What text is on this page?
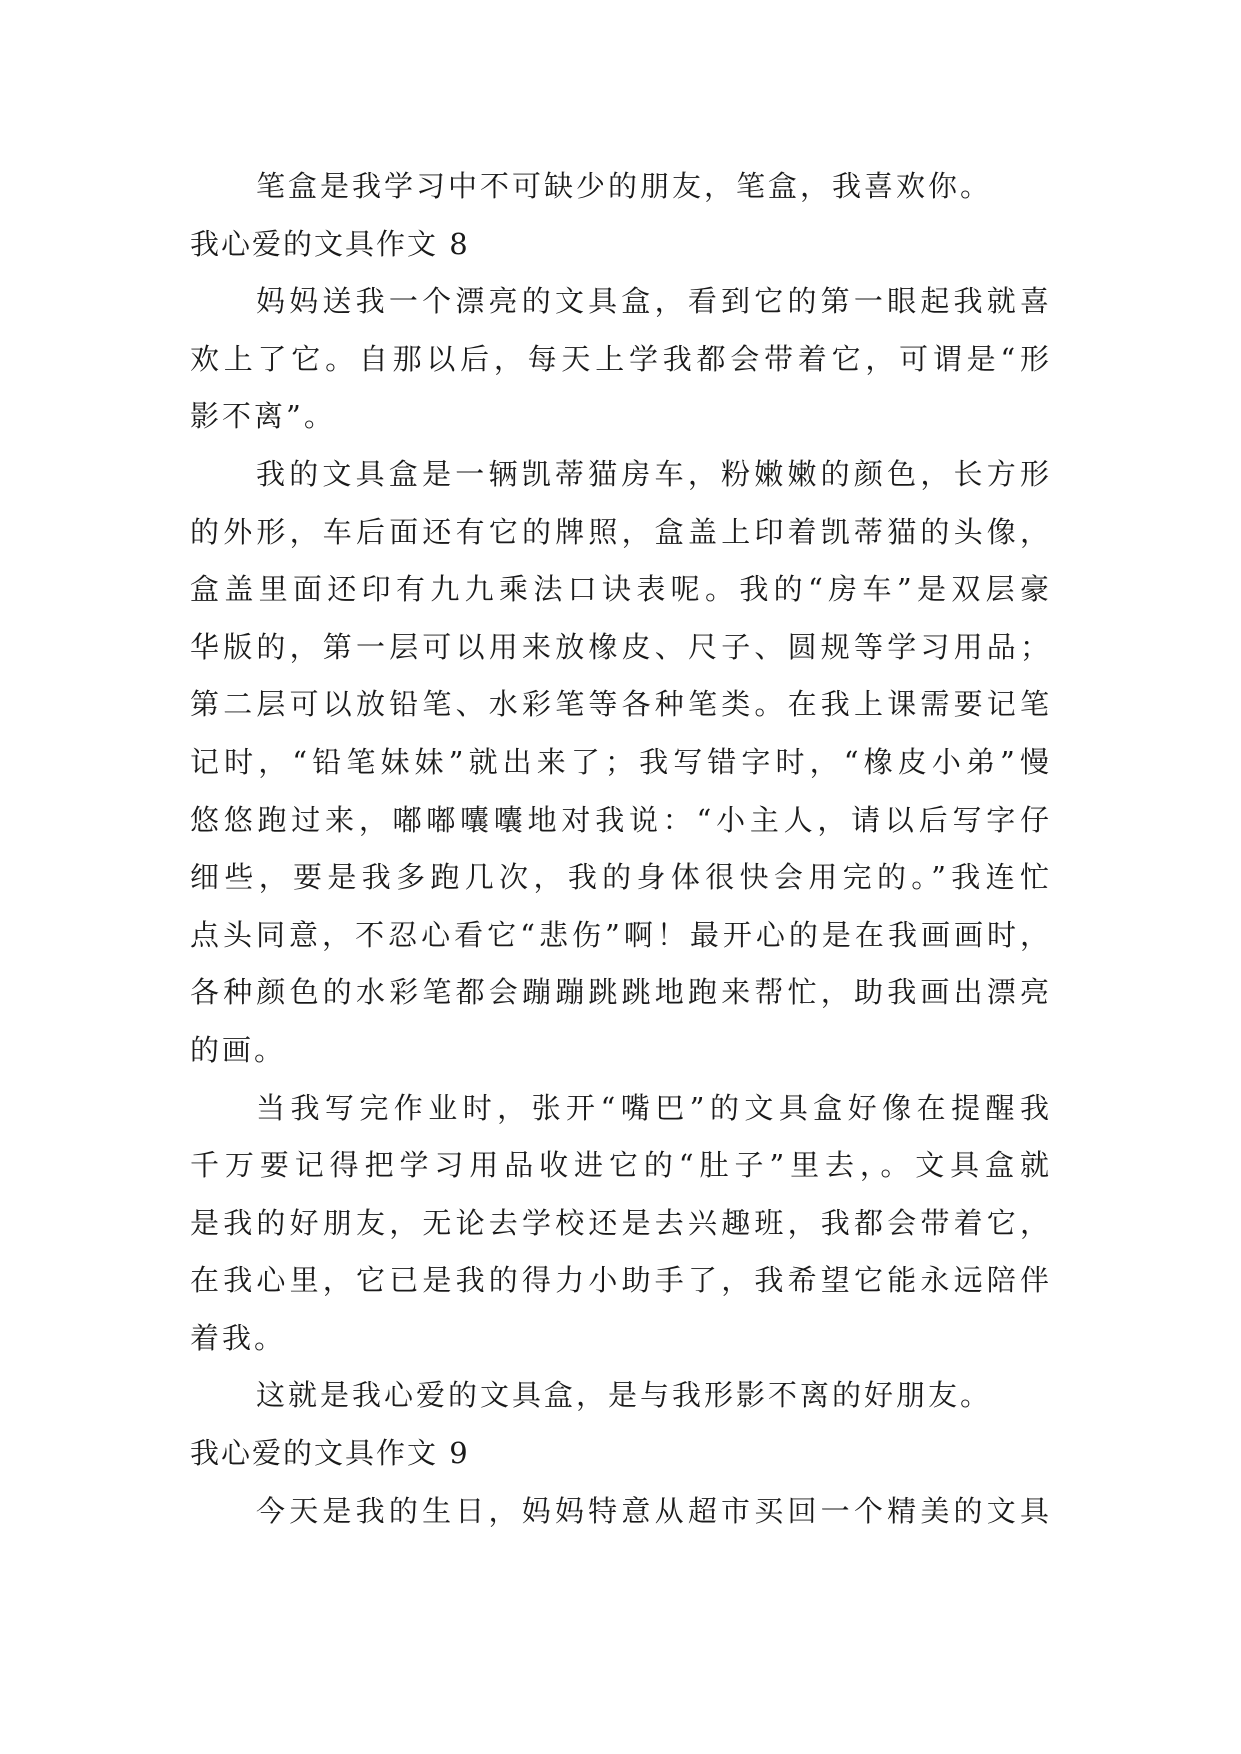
笔盒是我学习中不可缺少的朋友，笔盒，我喜欢你。
我心爱的文具作文 8
妈妈送我一个漂亮的文具盒，看到它的第一眼起我就喜
欢上了它。自那以后，每天上学我都会带着它，可谓是“形
影不离”。
我的文具盒是一辆凯蒂猫房车，粉嫩嫩的颜色，长方形
的外形，车后面还有它的牌照，盒盖上印着凯蒂猫的头像，
盒盖里面还印有九九乘法口诀表呢。我的“房车”是双层豪
华版的，第一层可以用来放橡皮、尺子、圆规等学习用品；
第二层可以放铅笔、水彩笔等各种笔类。在我上课需要记笔
记时，“铅笔妹妹”就出来了；我写错字时，“橡皮小弟”慢
悠悠跑过来，嘟嘟囔囔地对我说：“小主人，请以后写字仔
细些，要是我多跑几次，我的身体很快会用完的。”我连忙
点头同意，不忍心看它“悲伤”啊！最开心的是在我画画时，
各种颜色的水彩笔都会蹦蹦跳跳地跑来帮忙，助我画出漂亮
的画。
当我写完作业时，张开“嘴巴”的文具盒好像在提醒我
千万要记得把学习用品收进它的“肚子”里去，。文具盒就
是我的好朋友，无论去学校还是去兴趣班，我都会带着它，
在我心里，它已是我的得力小助手了，我希望它能永远陪伴
着我。
这就是我心爱的文具盒，是与我形影不离的好朋友。
我心爱的文具作文 9
今天是我的生日，妈妈特意从超市买回一个精美的文具
